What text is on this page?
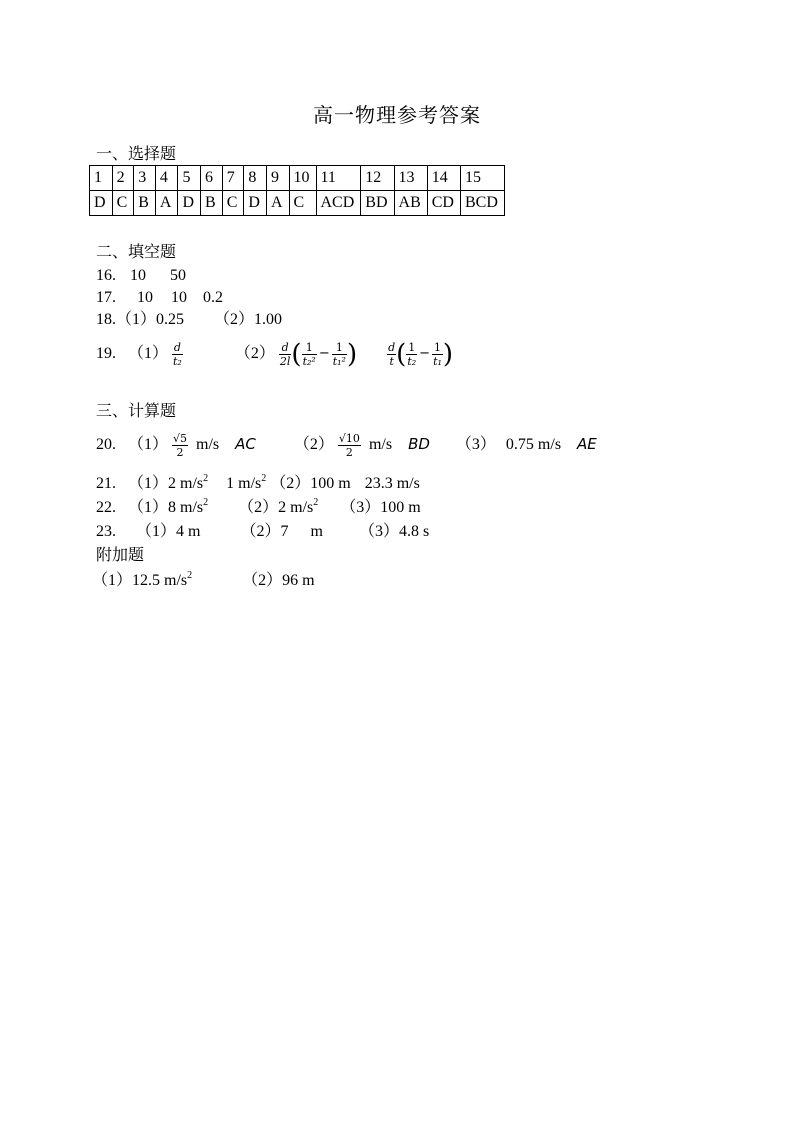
高一物理参考答案
一、选择题
1	2	3	4	5	6	7	8	9	10	11	12	13	14	15
D	C	B	A	D	B	C	D	A	C	ACD	BD	AB	CD	BCD
二、填空题
16. 10 50
17. 10 10 0.2
18.（1）0.25 （2）1.00
19. $(1) \frac{d}{\text{t₂}}$	$(2) \frac{d}{2l}$ ( $\frac{1}{\text{t₂²}} - \frac{1}{\text{t₁²}}$ )	$\frac{d}{t}$ ( $\frac{1}{\text{t₂}} - \frac{1}{\text{t₁}}$ )
三、计算题
20. $(1) \frac{√5}{2} m/s$ AC $(2) \frac{√10}{2} m/s$ BD （3） 0.75 m/s AE
21. （1）2 $m/s^2$ 1 $m/s^2$ （2）100 m 23.3 m/s
22. （1）8 $m/s^2$ （2）2 $m/s^2$ （3）100 m
23. （1）4 m	（2）7 m （3）4.8 s
附加题
（1）12.5 $m/s^2$	（2）96 m
